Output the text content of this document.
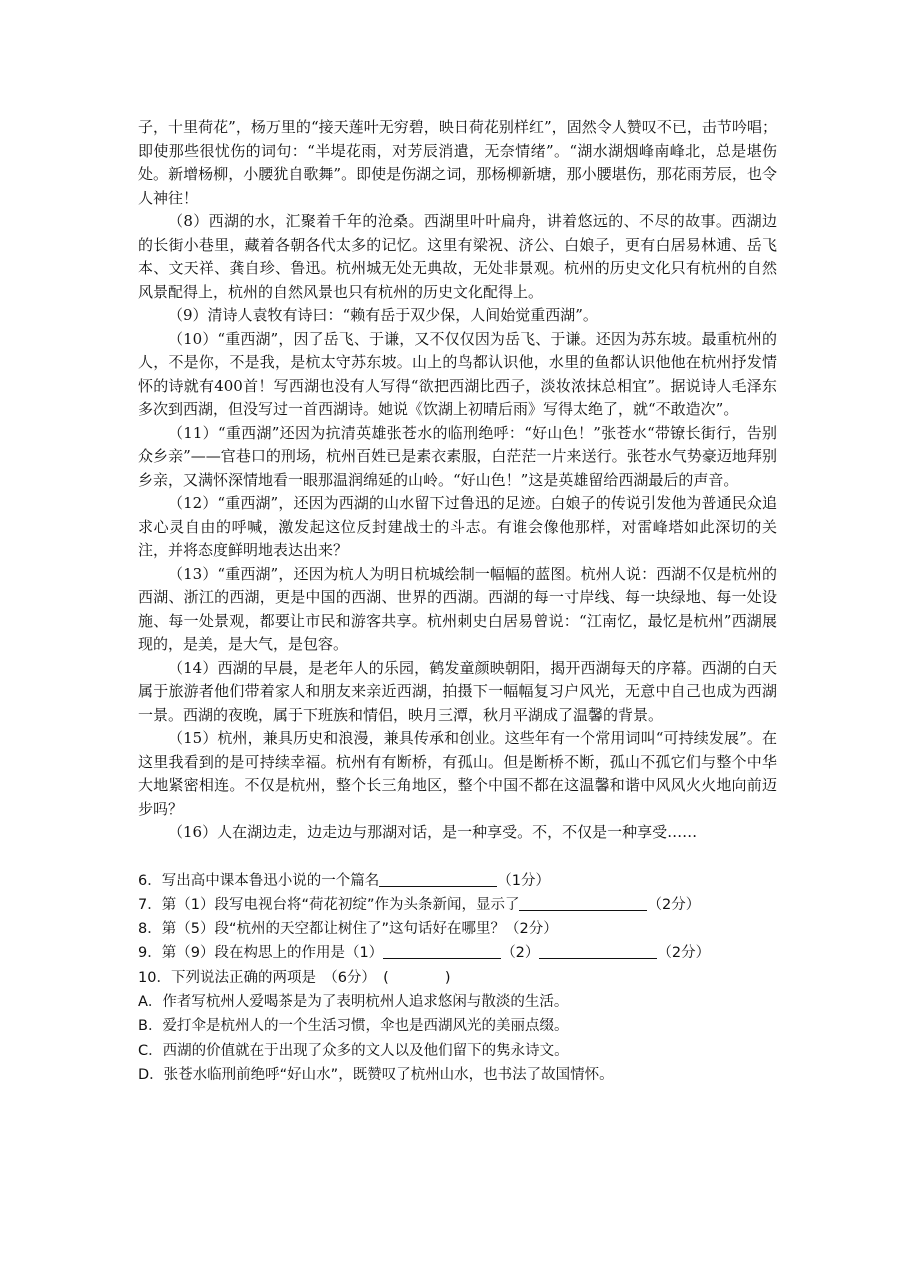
子，十里荷花”，杨万里的“接天莲叶无穷碧，映日荷花别样红”，固然令人赞叹不已，击节吟唱；即使那些很忧伤的词句：“半堤花雨，对芳辰消遣，无奈情绪”。“湖水湖烟峰南峰北，总是堪伤处。新增杨柳，小腰犹自歌舞”。即使是伤湖之词，那杨柳新塘，那小腰堪伤，那花雨芳辰，也令人神往！

（8）西湖的水，汇聚着千年的沧桑。西湖里叶叶扁舟，讲着悠远的、不尽的故事。西湖边的长街小巷里，藏着各朝各代太多的记忆。这里有梁祝、济公、白娘子，更有白居易林逋、岳飞本、文天祥、龚自珍、鲁迅。杭州城无处无典故，无处非景观。杭州的历史文化只有杭州的自然风景配得上，杭州的自然风景也只有杭州的历史文化配得上。

（9）清诗人袁牧有诗曰：“赖有岳于双少保，人间始觉重西湖”。

（10）“重西湖”，因了岳飞、于谦，又不仅仅因为岳飞、于谦。还因为苏东坡。最重杭州的人，不是你，不是我，是杭太守苏东坡。山上的鸟都认识他，水里的鱼都认识他他在杭州抒发情怀的诗就有400首！写西湖也没有人写得“欲把西湖比西子，淡妆浓抹总相宜”。据说诗人毛泽东多次到西湖，但没写过一首西湖诗。她说《饮湖上初晴后雨》写得太绝了，就“不敢造次”。

（11）“重西湖”还因为抗清英雄张苍水的临刑绝呼：“好山色！”张苍水“带镣长街行，告别众乡亲”——官巷口的刑场，杭州百姓已是素衣素服，白茫茫一片来送行。张苍水气势豪迈地拜别乡亲，又满怀深情地看一眼那温润绵延的山岭。“好山色！”这是英雄留给西湖最后的声音。

（12）“重西湖”，还因为西湖的山水留下过鲁迅的足迹。白娘子的传说引发他为普通民众追求心灵自由的呼喊，激发起这位反封建战士的斗志。有谁会像他那样，对雷峰塔如此深切的关注，并将态度鲜明地表达出来？

（13）“重西湖”，还因为杭人为明日杭城绘制一幅幅的蓝图。杭州人说：西湖不仅是杭州的西湖、浙江的西湖，更是中国的西湖、世界的西湖。西湖的每一寸岸线、每一块绿地、每一处设施、每一处景观，都要让市民和游客共享。杭州刺史白居易曾说：“江南忆，最忆是杭州”西湖展现的，是美，是大气，是包容。

（14）西湖的早晨，是老年人的乐园，鹤发童颜映朝阳，揭开西湖每天的序幕。西湖的白天属于旅游者他们带着家人和朋友来亲近西湖，拍摄下一幅幅复习户风光，无意中自己也成为西湖一景。西湖的夜晚，属于下班族和情侣，映月三潭，秋月平湖成了温馨的背景。

（15）杭州，兼具历史和浪漫，兼具传承和创业。这些年有一个常用词叫“可持续发展”。在这里我看到的是可持续幸福。杭州有有断桥，有孤山。但是断桥不断，孤山不孤它们与整个中华大地紧密相连。不仅是杭州，整个长三角地区，整个中国不都在这温馨和谐中风风火火地向前迈步吗？

（16）人在湖边走，边走边与那湖对话，是一种享受。不，不仅是一种享受……

6．写出高中课本鲁迅小说的一个篇名	（1分）
7．第（1）段写电视台将“荷花初绽”作为头条新闻，显示了	（2分）
8．第（5）段“杭州的天空都让树住了”这句话好在哪里？（2分）
9．第（9）段在构思上的作用是（1）	（2）	（2分）
10．下列说法正确的两项是　（6分）　(	)
A．作者写杭州人爱喝茶是为了表明杭州人追求悠闲与散淡的生活。
B．爱打伞是杭州人的一个生活习惯，伞也是西湖风光的美丽点缀。
C．西湖的价值就在于出现了众多的文人以及他们留下的隽永诗文。
D．张苍水临刑前绝呼“好山水”，既赞叹了杭州山水，也书法了故国情怀。
